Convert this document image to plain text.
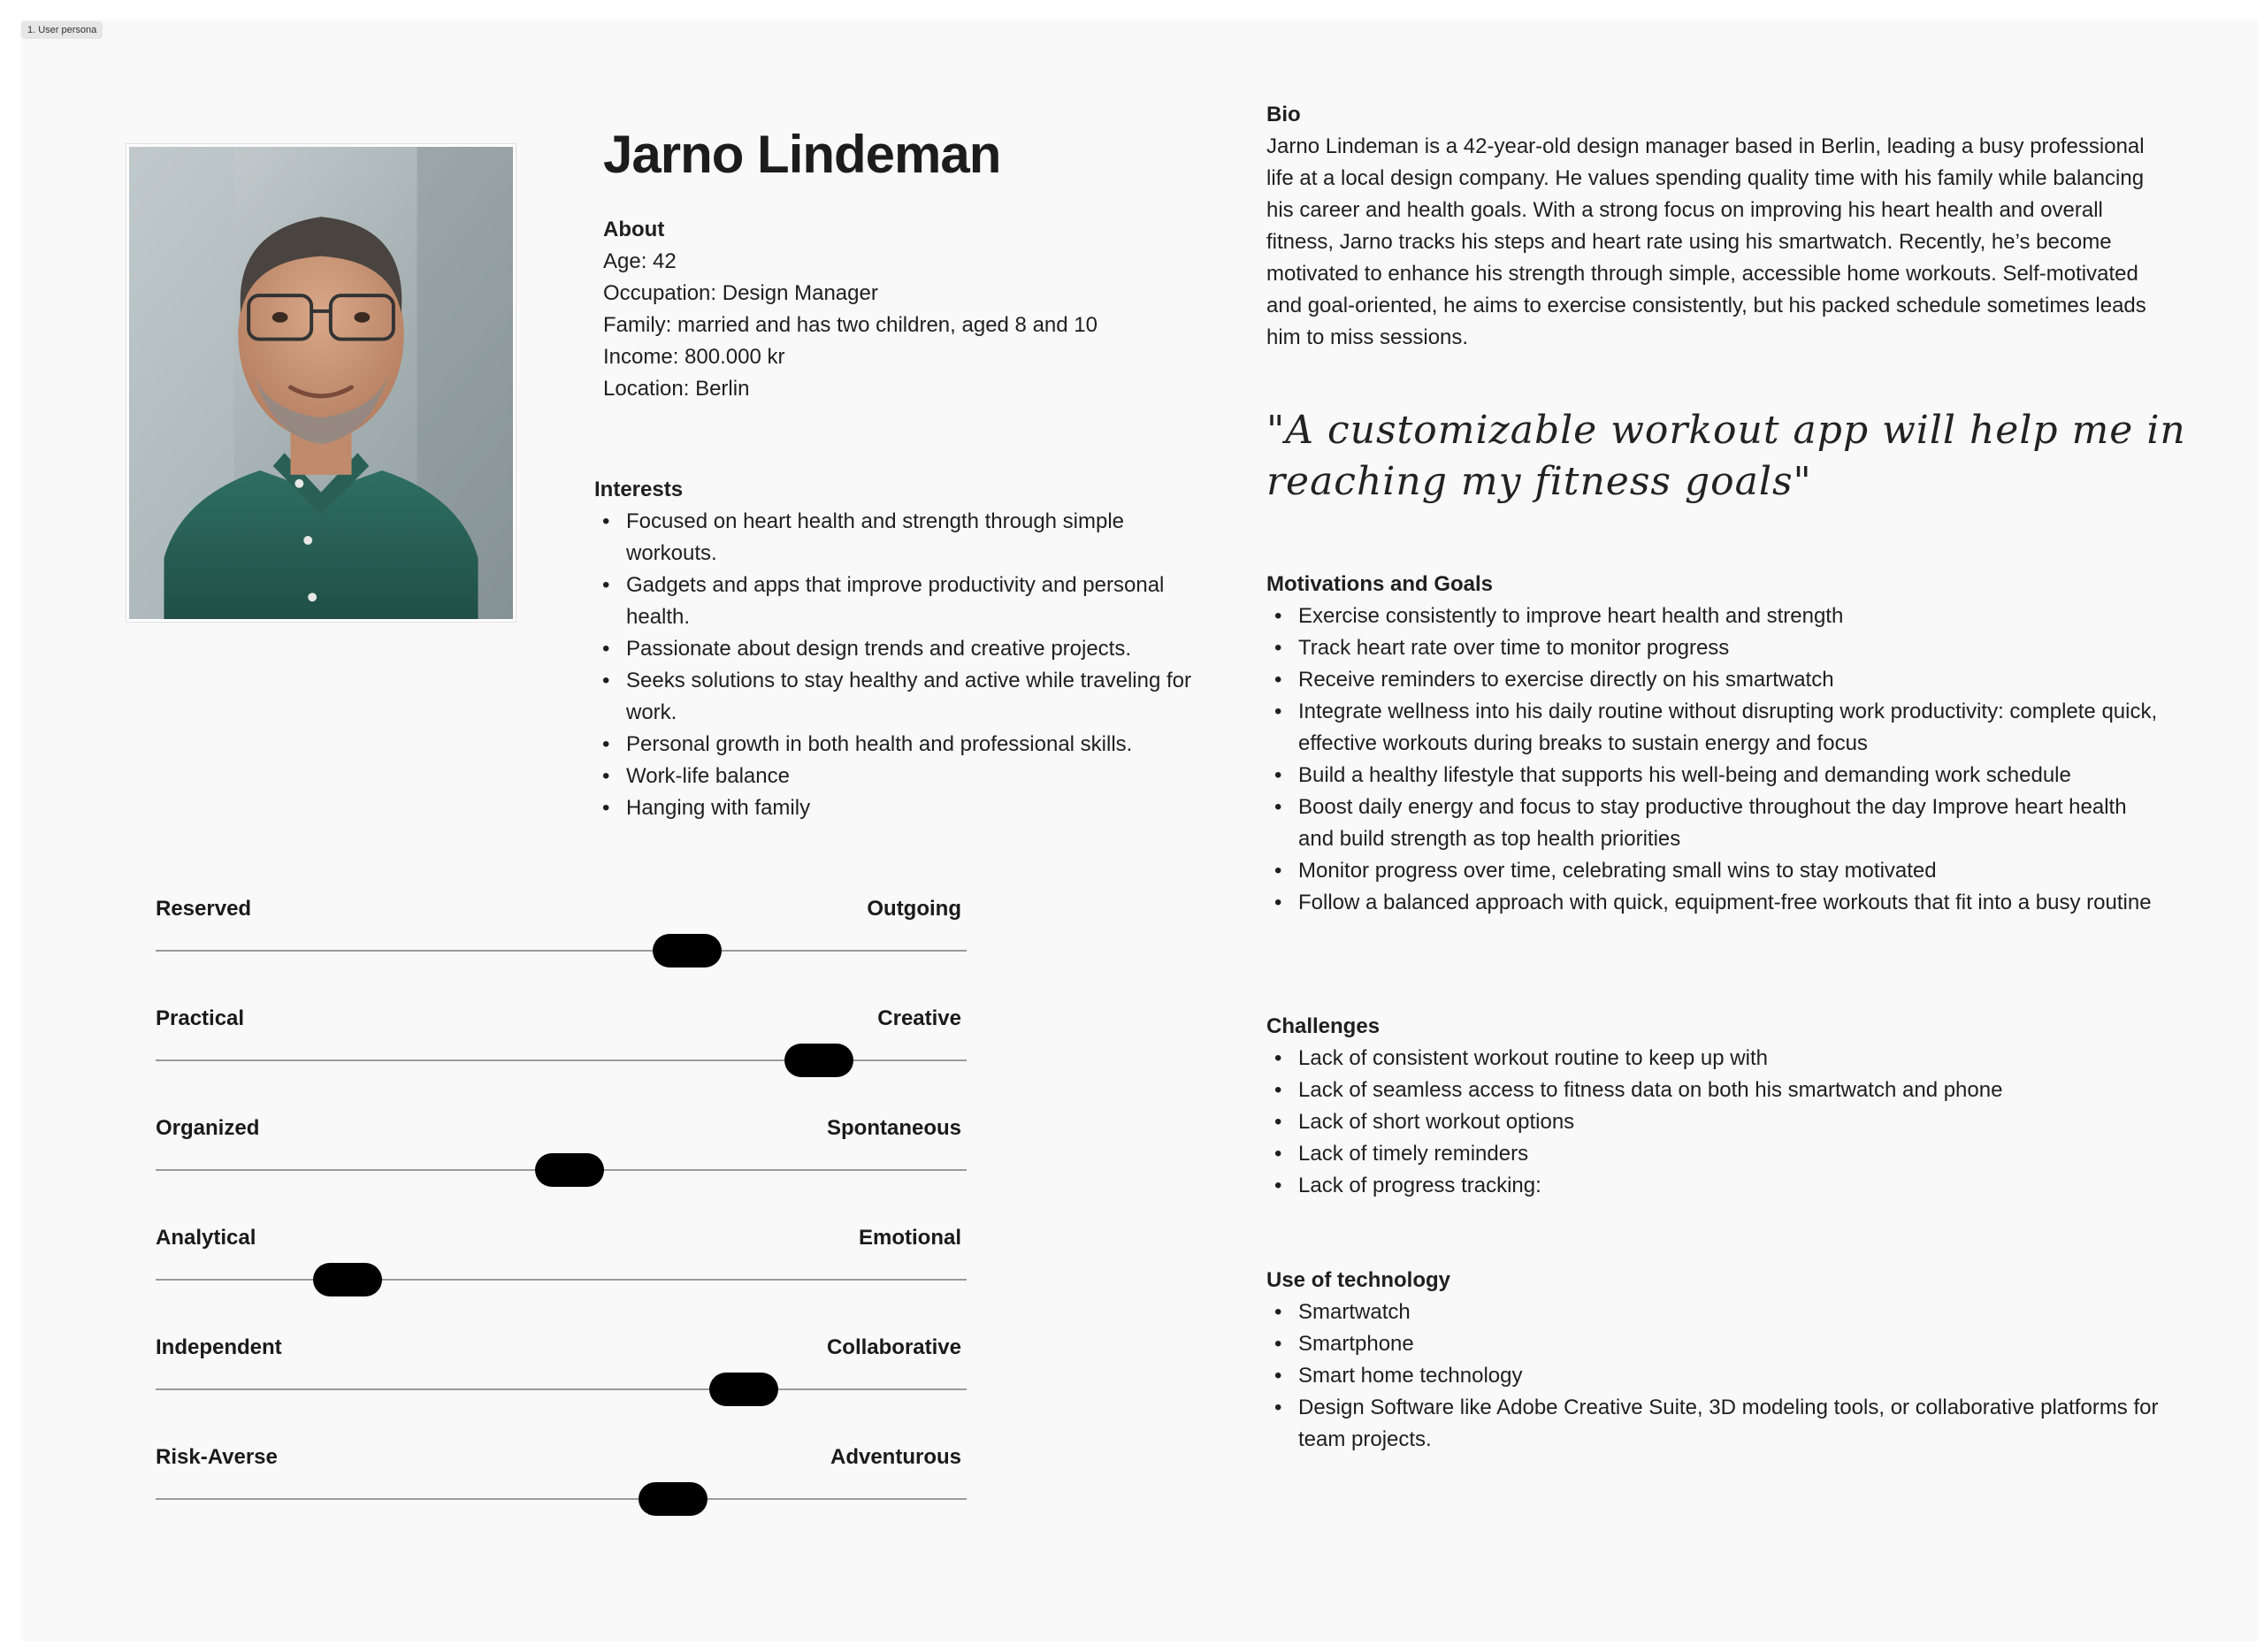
1. User persona
Jarno Lindeman
About

Age: 42

Occupation: Design Manager

Family: married and has two children, aged 8 and 10

Income: 800.000 kr

Location: Berlin

Interests
• Focused on heart health and strength through simple workouts.
• Gadgets and apps that improve productivity and personal health.
• Passionate about design trends and creative projects.
• Seeks solutions to stay healthy and active while traveling for work.
• Personal growth in both health and professional skills.
• Work-life balance
• Hanging with family
Bio

Jarno Lindeman is a 42-year-old design manager based in Berlin, leading a busy professional life at a local design company. He values spending quality time with his family while balancing his career and health goals. With a strong focus on improving his heart health and overall fitness, Jarno tracks his steps and heart rate using his smartwatch. Recently, he’s become motivated to enhance his strength through simple, accessible home workouts. Self-motivated and goal-oriented, he aims to exercise consistently, but his packed schedule sometimes leads him to miss sessions.

"A customizable workout app will help me in reaching my fitness goals"
Motivations and Goals
• Exercise consistently to improve heart health and strength
• Track heart rate over time to monitor progress
• Receive reminders to exercise directly on his smartwatch
• Integrate wellness into his daily routine without disrupting work productivity: complete quick, effective workouts during breaks to sustain energy and focus
• Build a healthy lifestyle that supports his well-being and demanding work schedule
• Boost daily energy and focus to stay productive throughout the day Improve heart health and build strength as top health priorities
• Monitor progress over time, celebrating small wins to stay motivated
• Follow a balanced approach with quick, equipment-free workouts that fit into a busy routine
Challenges
• Lack of consistent workout routine to keep up with
• Lack of seamless access to fitness data on both his smartwatch and phone
• Lack of short workout options
• Lack of timely reminders
• Lack of progress tracking:
Use of technology
• Smartwatch
• Smartphone
• Smart home technology
• Design Software like Adobe Creative Suite, 3D modeling tools, or collaborative platforms for team projects.
Reserved	Outgoing
Practical	Creative
Organized	Spontaneous
Analytical	Emotional
Independent	Collaborative
Risk-Averse	Adventurous
